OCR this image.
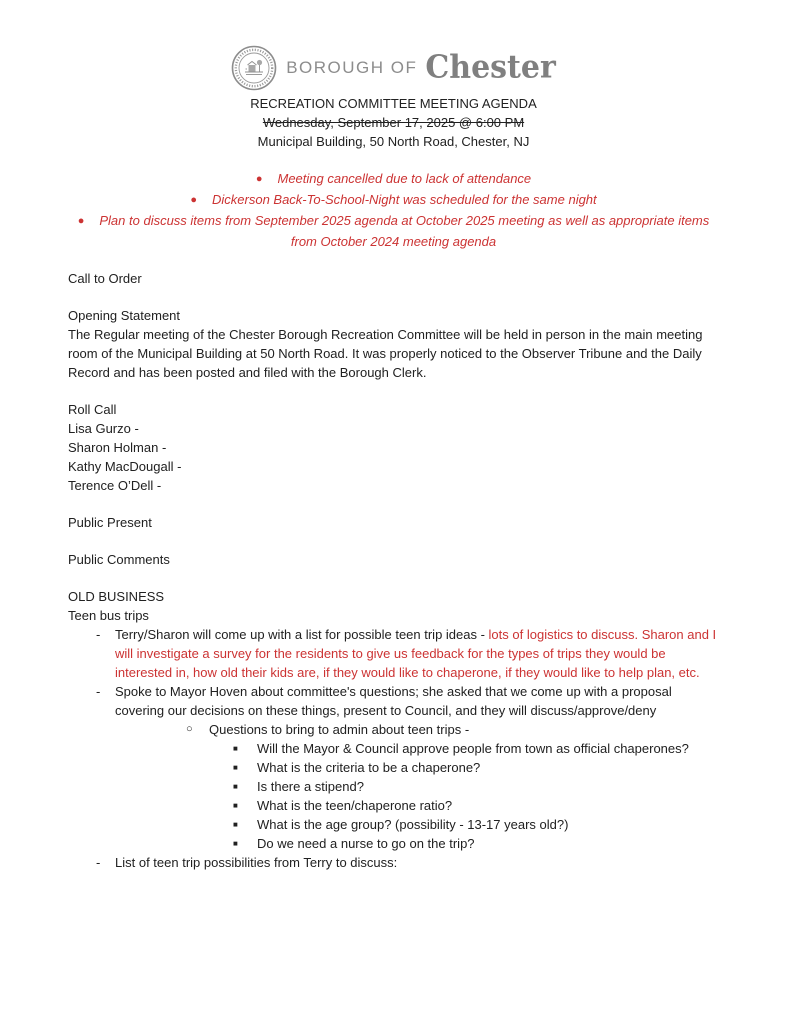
BOROUGH OF Chester
RECREATION COMMITTEE MEETING AGENDA
Wednesday, September 17, 2025 @ 6:00 PM
Municipal Building, 50 North Road, Chester, NJ
● Meeting cancelled due to lack of attendance
● Dickerson Back-To-School-Night was scheduled for the same night
● Plan to discuss items from September 2025 agenda at October 2025 meeting as well as appropriate items from October 2024 meeting agenda
Call to Order
Opening Statement
The Regular meeting of the Chester Borough Recreation Committee will be held in person in the main meeting room of the Municipal Building at 50 North Road. It was properly noticed to the Observer Tribune and the Daily Record and has been posted and filed with the Borough Clerk.
Roll Call
Lisa Gurzo -
Sharon Holman -
Kathy MacDougall -
Terence O’Dell -
Public Present
Public Comments
OLD BUSINESS
Teen bus trips
- Terry/Sharon will come up with a list for possible teen trip ideas - lots of logistics to discuss. Sharon and I will investigate a survey for the residents to give us feedback for the types of trips they would be interested in, how old their kids are, if they would like to chaperone, if they would like to help plan, etc.
- Spoke to Mayor Hoven about committee's questions; she asked that we come up with a proposal covering our decisions on these things, present to Council, and they will discuss/approve/deny
○ Questions to bring to admin about teen trips -
■ Will the Mayor & Council approve people from town as official chaperones?
■ What is the criteria to be a chaperone?
■ Is there a stipend?
■ What is the teen/chaperone ratio?
■ What is the age group? (possibility - 13-17 years old?)
■ Do we need a nurse to go on the trip?
- List of teen trip possibilities from Terry to discuss:
